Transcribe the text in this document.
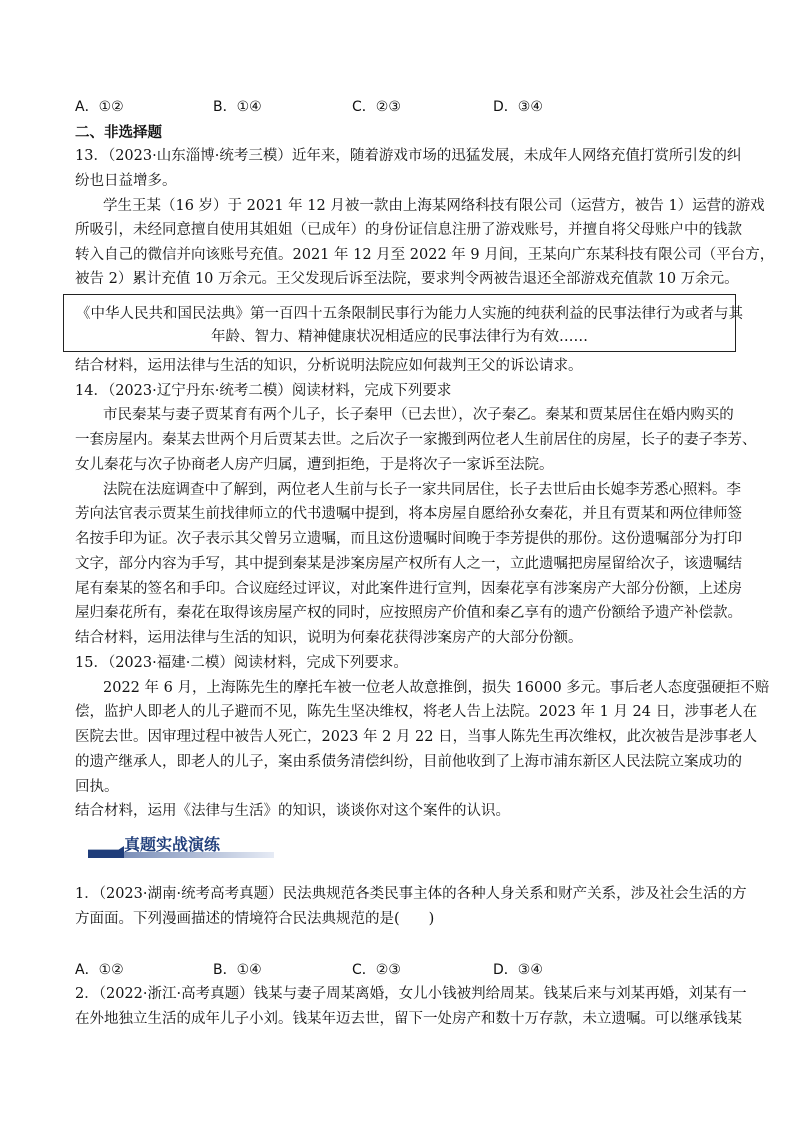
A．①②	B．①④	C．②③	D．③④
二、非选择题
13．（2023·山东淄博·统考三模）近年来，随着游戏市场的迅猛发展，未成年人网络充值打赏所引发的纠
纷也日益增多。
学生王某（16 岁）于 2021 年 12 月被一款由上海某网络科技有限公司（运营方，被告 1）运营的游戏
所吸引，未经同意擅自使用其姐姐（已成年）的身份证信息注册了游戏账号，并擅自将父母账户中的钱款
转入自己的微信并向该账号充值。2021 年 12 月至 2022 年 9 月间，王某向广东某科技有限公司（平台方，
被告 2）累计充值 10 万余元。王父发现后诉至法院，要求判令两被告退还全部游戏充值款 10 万余元。
《中华人民共和国民法典》第一百四十五条限制民事行为能力人实施的纯获利益的民事法律行为或者与其
年龄、智力、精神健康状况相适应的民事法律行为有效……
结合材料，运用法律与生活的知识，分析说明法院应如何裁判王父的诉讼请求。
14．（2023·辽宁丹东·统考二模）阅读材料，完成下列要求
市民秦某与妻子贾某育有两个儿子，长子秦甲（已去世），次子秦乙。秦某和贾某居住在婚内购买的
一套房屋内。秦某去世两个月后贾某去世。之后次子一家搬到两位老人生前居住的房屋，长子的妻子李芳、
女儿秦花与次子协商老人房产归属，遭到拒绝，于是将次子一家诉至法院。
法院在法庭调查中了解到，两位老人生前与长子一家共同居住，长子去世后由长媳李芳悉心照料。李
芳向法官表示贾某生前找律师立的代书遗嘱中提到，将本房屋自愿给孙女秦花，并且有贾某和两位律师签
名按手印为证。次子表示其父曾另立遗嘱，而且这份遗嘱时间晚于李芳提供的那份。这份遗嘱部分为打印
文字，部分内容为手写，其中提到秦某是涉案房屋产权所有人之一，立此遗嘱把房屋留给次子，该遗嘱结
尾有秦某的签名和手印。合议庭经过评议，对此案件进行宣判，因秦花享有涉案房产大部分份额，上述房
屋归秦花所有，秦花在取得该房屋产权的同时，应按照房产价值和秦乙享有的遗产份额给予遗产补偿款。
结合材料，运用法律与生活的知识，说明为何秦花获得涉案房产的大部分份额。
15．（2023·福建·二模）阅读材料，完成下列要求。
2022 年 6 月，上海陈先生的摩托车被一位老人故意推倒，损失 16000 多元。事后老人态度强硬拒不赔
偿，监护人即老人的儿子避而不见，陈先生坚决维权，将老人告上法院。2023 年 1 月 24 日，涉事老人在
医院去世。因审理过程中被告人死亡，2023 年 2 月 22 日，当事人陈先生再次维权，此次被告是涉事老人
的遗产继承人，即老人的儿子，案由系债务清偿纠纷，目前他收到了上海市浦东新区人民法院立案成功的
回执。
结合材料，运用《法律与生活》的知识，谈谈你对这个案件的认识。
真题实战演练
1．（2023·湖南·统考高考真题）民法典规范各类民事主体的各种人身关系和财产关系，涉及社会生活的方
方面面。下列漫画描述的情境符合民法典规范的是(　　)
A．①②	B．①④	C．②③	D．③④
2．（2022·浙江·高考真题）钱某与妻子周某离婚，女儿小钱被判给周某。钱某后来与刘某再婚，刘某有一
在外地独立生活的成年儿子小刘。钱某年迈去世，留下一处房产和数十万存款，未立遗嘱。可以继承钱某
